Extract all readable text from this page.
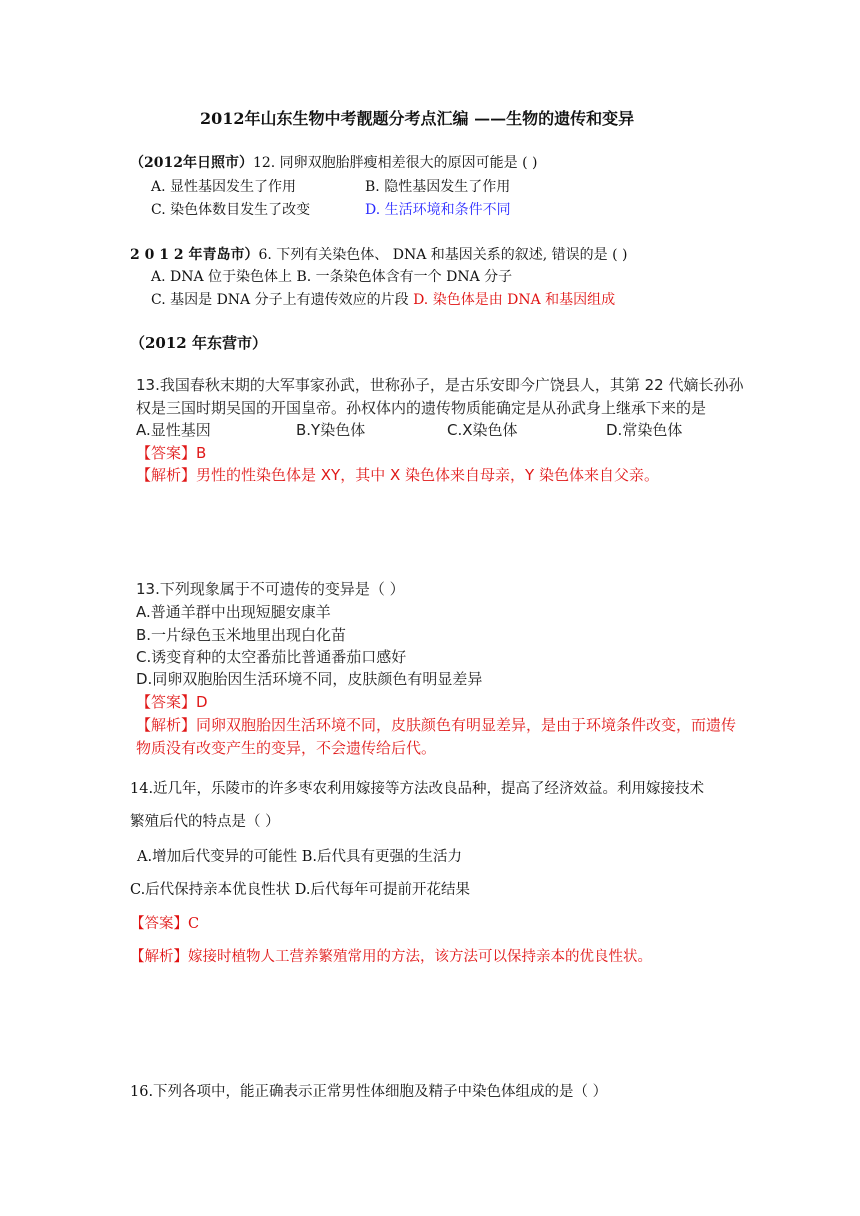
2012年山东生物中考靓题分考点汇编 ——生物的遗传和变异
（2012年日照市）12. 同卵双胞胎胖瘦相差很大的原因可能是 ( )
A. 显性基因发生了作用	B. 隐性基因发生了作用
C. 染色体数目发生了改变	D. 生活环境和条件不同
2 0 1 2 年青岛市）6. 下列有关染色体、 DNA 和基因关系的叙述, 错误的是 ( )
A. DNA 位于染色体上 B. 一条染色体含有一个 DNA 分子
C. 基因是 DNA 分子上有遗传效应的片段 D. 染色体是由 DNA 和基因组成
（2012 年东营市）
13.我国春秋末期的大军事家孙武，世称孙子，是古乐安即今广饶县人，其第 22 代嫡长孙孙
权是三国时期吴国的开国皇帝。孙权体内的遗传物质能确定是从孙武身上继承下来的是
A.显性基因	B.Y染色体	C.X染色体	D.常染色体
【答案】B
【解析】男性的性染色体是 XY，其中 X 染色体来自母亲，Y 染色体来自父亲。
13.下列现象属于不可遗传的变异是（ ）
A.普通羊群中出现短腿安康羊
B.一片绿色玉米地里出现白化苗
C.诱变育种的太空番茄比普通番茄口感好
D.同卵双胞胎因生活环境不同，皮肤颜色有明显差异
【答案】D
【解析】同卵双胞胎因生活环境不同，皮肤颜色有明显差异，是由于环境条件改变，而遗传
物质没有改变产生的变异，不会遗传给后代。
14.近几年，乐陵市的许多枣农利用嫁接等方法改良品种，提高了经济效益。利用嫁接技术
繁殖后代的特点是（ ）
A.增加后代变异的可能性 B.后代具有更强的生活力
C.后代保持亲本优良性状 D.后代每年可提前开花结果
【答案】C
【解析】嫁接时植物人工营养繁殖常用的方法，该方法可以保持亲本的优良性状。
16.下列各项中，能正确表示正常男性体细胞及精子中染色体组成的是（ ）
